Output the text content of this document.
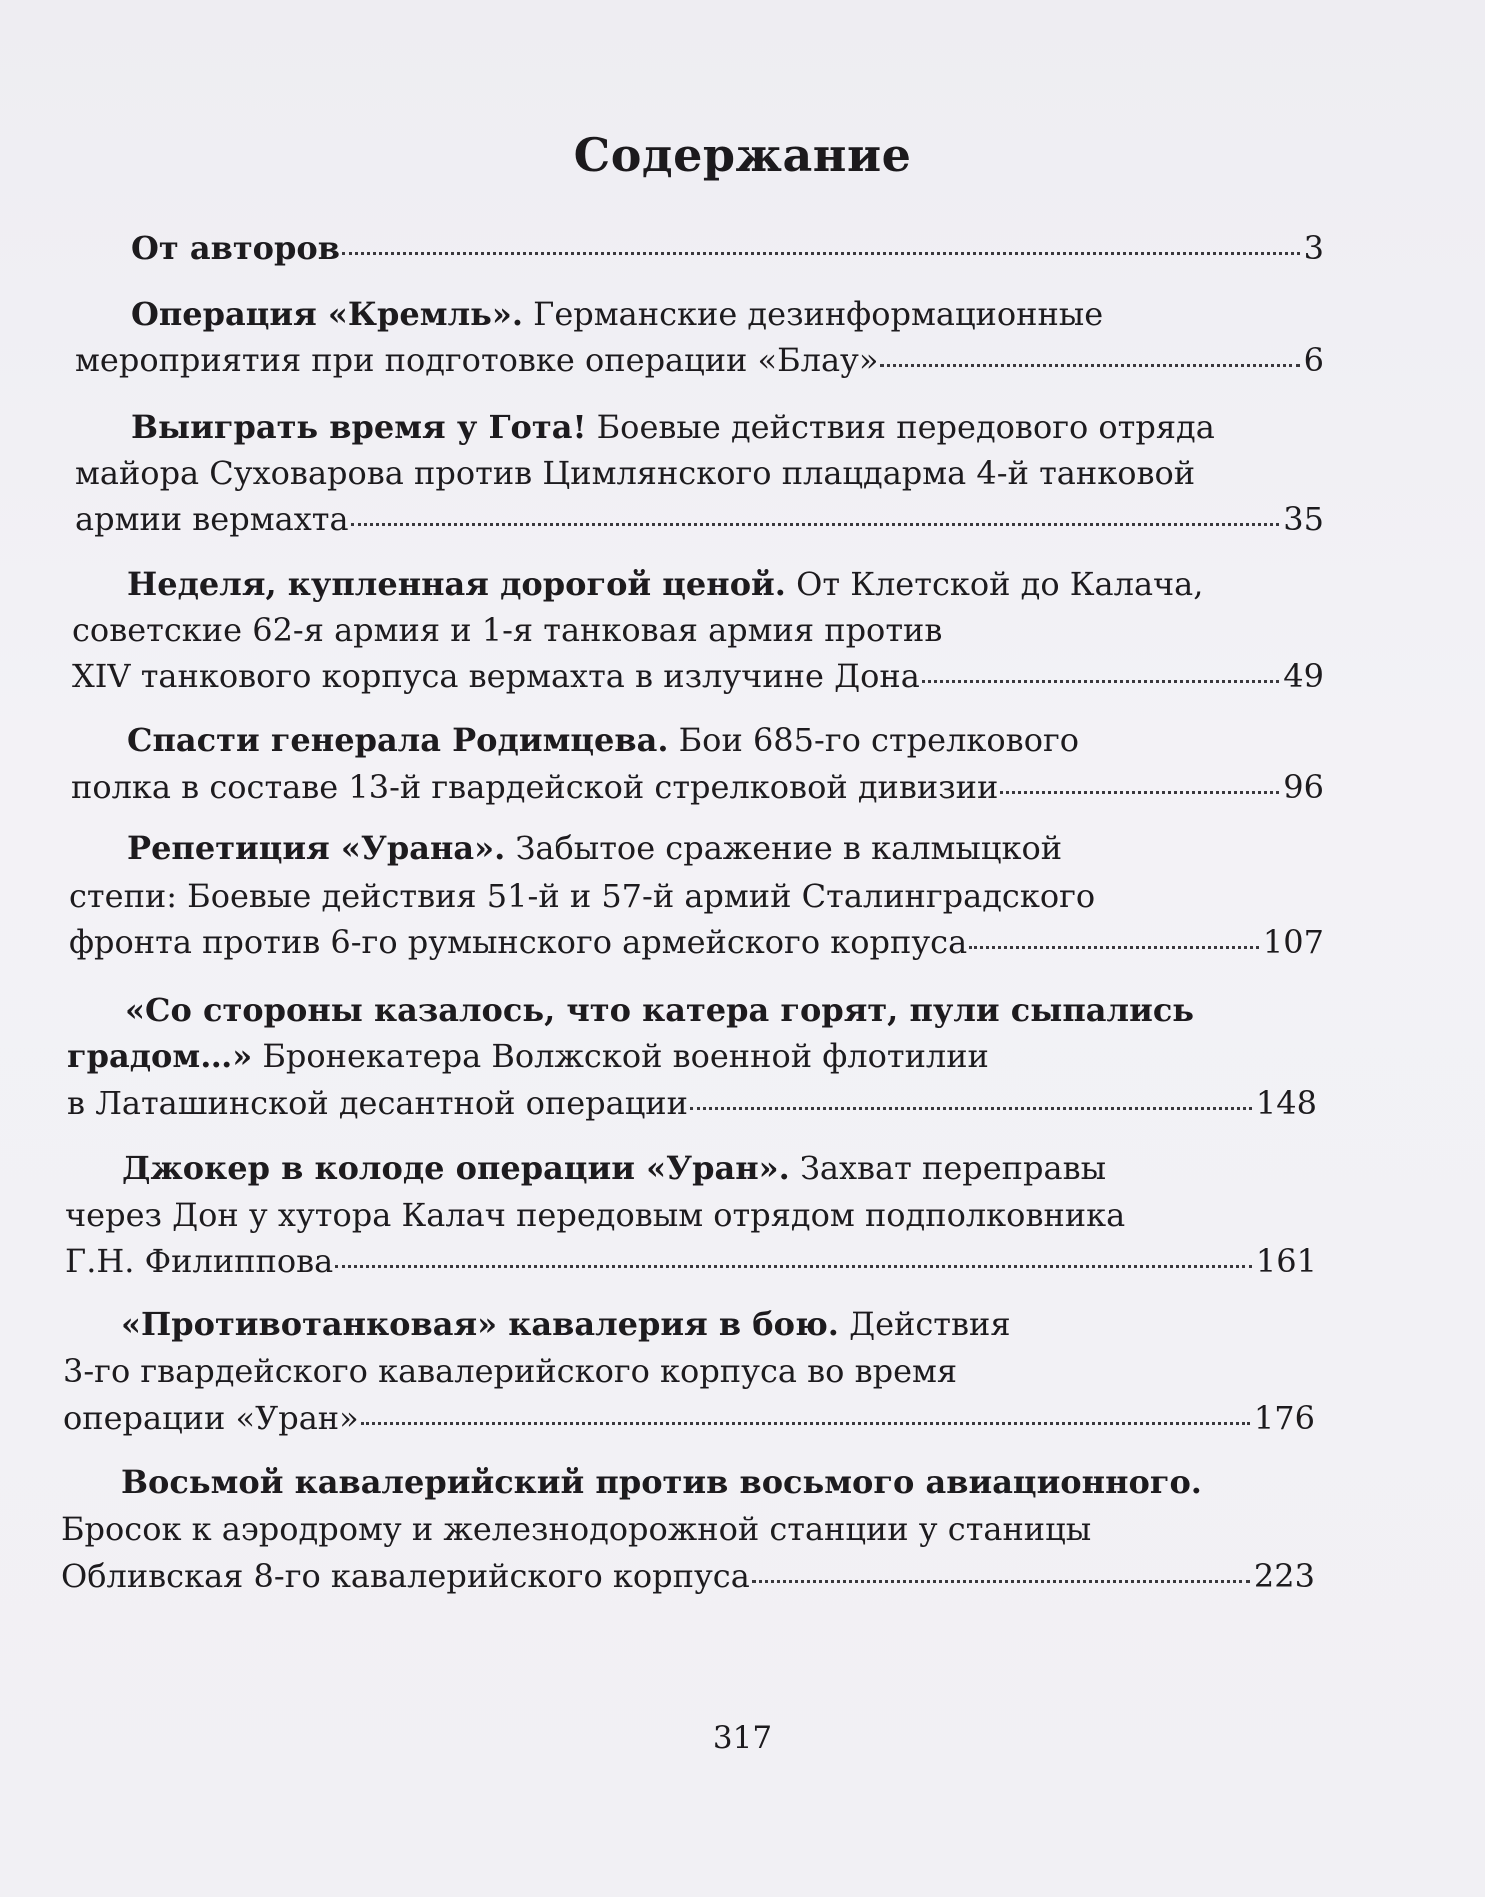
Содержание
От авторов	3
Операция «Кремль». Германские дезинформационные
мероприятия при подготовке операции «Блау»	6
Выиграть время у Гота! Боевые действия передового отряда
майора Суховарова против Цимлянского плацдарма 4-й танковой
армии вермахта	35
Неделя, купленная дорогой ценой. От Клетской до Калача,
советские 62-я армия и 1-я танковая армия против
XIV танкового корпуса вермахта в излучине Дона	49
Спасти генерала Родимцева. Бои 685-го стрелкового
полка в составе 13-й гвардейской стрелковой дивизии	96
Репетиция «Урана». Забытое сражение в калмыцкой
степи: Боевые действия 51-й и 57-й армий Сталинградского
фронта против 6-го румынского армейского корпуса	107
«Со стороны казалось, что катера горят, пули сыпались
градом…» Бронекатера Волжской военной флотилии
в Латашинской десантной операции	148
Джокер в колоде операции «Уран». Захват переправы
через Дон у хутора Калач передовым отрядом подполковника
Г.Н. Филиппова	161
«Противотанковая» кавалерия в бою. Действия
3-го гвардейского кавалерийского корпуса во время
операции «Уран»	176
Восьмой кавалерийский против восьмого авиационного.
Бросок к аэродрому и железнодорожной станции у станицы
Обливская 8-го кавалерийского корпуса	223
317
